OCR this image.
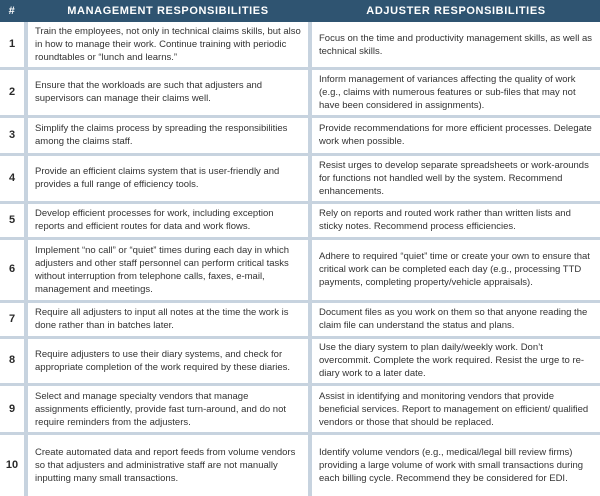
#	MANAGEMENT RESPONSIBILITIES	ADJUSTER RESPONSIBILITIES
1	Train the employees, not only in technical claims skills, but also in how to manage their work. Continue training with periodic roundtables or “lunch and learns.”	Focus on the time and productivity management skills, as well as technical skills.
2	Ensure that the workloads are such that adjusters and supervisors can manage their claims well.	Inform management of variances affecting the quality of work (e.g., claims with numerous features or sub-files that may not have been considered in assignments).
3	Simplify the claims process by spreading the responsibilities among the claims staff.	Provide recommendations for more efficient processes. Delegate work when possible.
4	Provide an efficient claims system that is user-friendly and provides a full range of efficiency tools.	Resist urges to develop separate spreadsheets or work-arounds for functions not handled well by the system. Recommend enhancements.
5	Develop efficient processes for work, including exception reports and efficient routes for data and work flows.	Rely on reports and routed work rather than written lists and sticky notes. Recommend process efficiencies.
6	Implement “no call” or “quiet” times during each day in which adjusters and other staff personnel can perform critical tasks without interruption from telephone calls, faxes, e-mail, management and meetings.	Adhere to required “quiet” time or create your own to ensure that critical work can be completed each day (e.g., processing TTD payments, completing property/vehicle appraisals).
7	Require all adjusters to input all notes at the time the work is done rather than in batches later.	Document files as you work on them so that anyone reading the claim file can understand the status and plans.
8	Require adjusters to use their diary systems, and check for appropriate completion of the work required by these diaries.	Use the diary system to plan daily/weekly work. Don’t overcommit. Complete the work required. Resist the urge to re-diary work to a later date.
9	Select and manage specialty vendors that manage assignments efficiently, provide fast turn-around, and do not require reminders from the adjusters.	Assist in identifying and monitoring vendors that provide beneficial services. Report to management on efficient/ qualified vendors or those that should be replaced.
10	Create automated data and report feeds from volume vendors so that adjusters and administrative staff are not manually inputting many small transactions.	Identify volume vendors (e.g., medical/legal bill review firms) providing a large volume of work with small transactions during each billing cycle. Recommend they be considered for EDI.
